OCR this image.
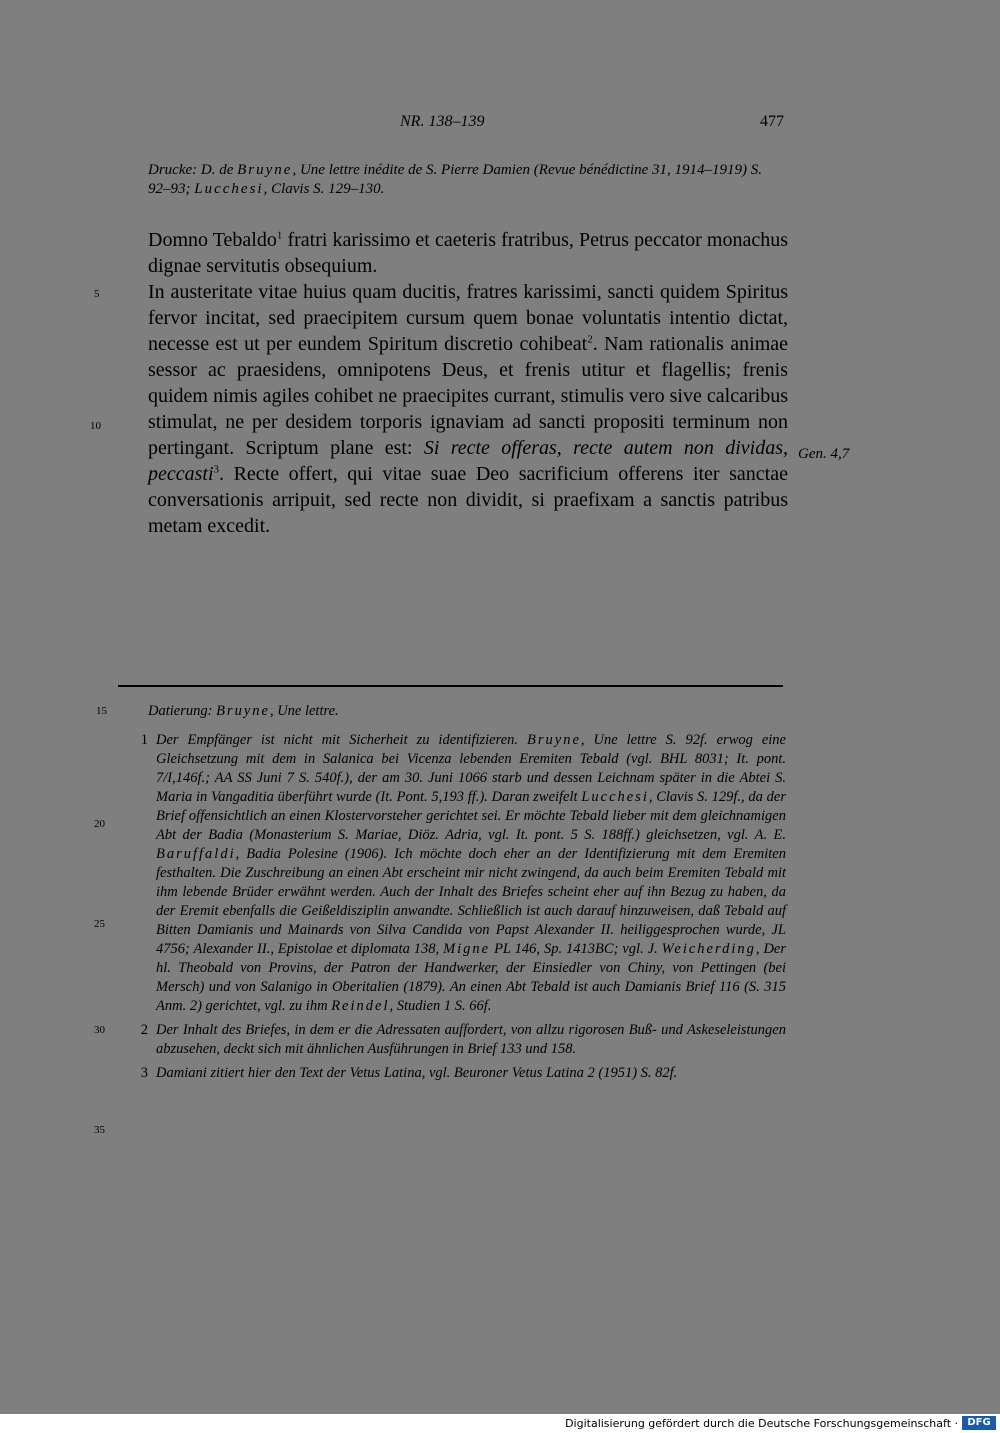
NR. 138–139	477
Drucke: D. de Bruyne, Une lettre inédite de S. Pierre Damien (Revue bénédictine 31, 1914–1919) S. 92–93; Lucchesi, Clavis S. 129–130.

Domno Tebaldo$^1$ fratri karissimo et caeteris fratribus, Petrus peccator monachus dignae servitutis obsequium.

In austeritate vitae huius quam ducitis, fratres karissimi, sancti quidem Spiritus fervor incitat, sed praecipitem cursum quem bonae voluntatis intentio dictat, necesse est ut per eundem Spiritum discretio cohibeat$^2$. Nam rationalis animae sessor ac praesidens, omnipotens Deus, et frenis utitur et flagellis; frenis quidem nimis agiles cohibet ne praecipites currant, stimulis vero sive calcaribus stimulat, ne per desidem torporis ignaviam ad sancti propositi terminum non pertingant. Scriptum plane est: Si recte offeras, recte autem non dividas, peccasti$^3$. Recte offert, qui vitae suae Deo sacrificium offerens iter sanctae conversationis arripuit, sed recte non dividit, si praefixam a sanctis patribus metam excedit.

5
10
Gen. 4,7
15
20
25
30
35

Datierung: Bruyne, Une lettre.

1 Der Empfänger ist nicht mit Sicherheit zu identifizieren. Bruyne, Une lettre S. 92f. erwog eine Gleichsetzung mit dem in Salanica bei Vicenza lebenden Eremiten Tebald (vgl. BHL 8031; It. pont. 7/I,146f.; AA SS Juni 7 S. 540f.), der am 30. Juni 1066 starb und dessen Leichnam später in die Abtei S. Maria in Vangaditia überführt wurde (It. Pont. 5,193 ff.). Daran zweifelt Lucchesi, Clavis S. 129f., da der Brief offensichtlich an einen Klostervorsteher gerichtet sei. Er möchte Tebald lieber mit dem gleichnamigen Abt der Badia (Monasterium S. Mariae, Diöz. Adria, vgl. It. pont. 5 S. 188ff.) gleichsetzen, vgl. A. E. Baruffaldi, Badia Polesine (1906). Ich möchte doch eher an der Identifizierung mit dem Eremiten festhalten. Die Zuschreibung an einen Abt erscheint mir nicht zwingend, da auch beim Eremiten Tebald mit ihm lebende Brüder erwähnt werden. Auch der Inhalt des Briefes scheint eher auf ihn Bezug zu haben, da der Eremit ebenfalls die Geißeldisziplin anwandte. Schließlich ist auch darauf hinzuweisen, daß Tebald auf Bitten Damianis und Mainards von Silva Candida von Papst Alexander II. heiliggesprochen wurde, JL 4756; Alexander II., Epistolae et diplomata 138, Migne PL 146, Sp. 1413BC; vgl. J. Weicherding, Der hl. Theobald von Provins, der Patron der Handwerker, der Einsiedler von Chiny, von Pettingen (bei Mersch) und von Salanigo in Oberitalien (1879). An einen Abt Tebald ist auch Damianis Brief 116 (S. 315 Anm. 2) gerichtet, vgl. zu ihm Reindel, Studien 1 S. 66f.
2 Der Inhalt des Briefes, in dem er die Adressaten auffordert, von allzu rigorosen Buß- und Askeseleistungen abzusehen, deckt sich mit ähnlichen Ausführungen in Brief 133 und 158.
3 Damiani zitiert hier den Text der Vetus Latina, vgl. Beuroner Vetus Latina 2 (1951) S. 82f.
Digitalisierung gefördert durch die Deutsche Forschungsgemeinschaft · DFG
